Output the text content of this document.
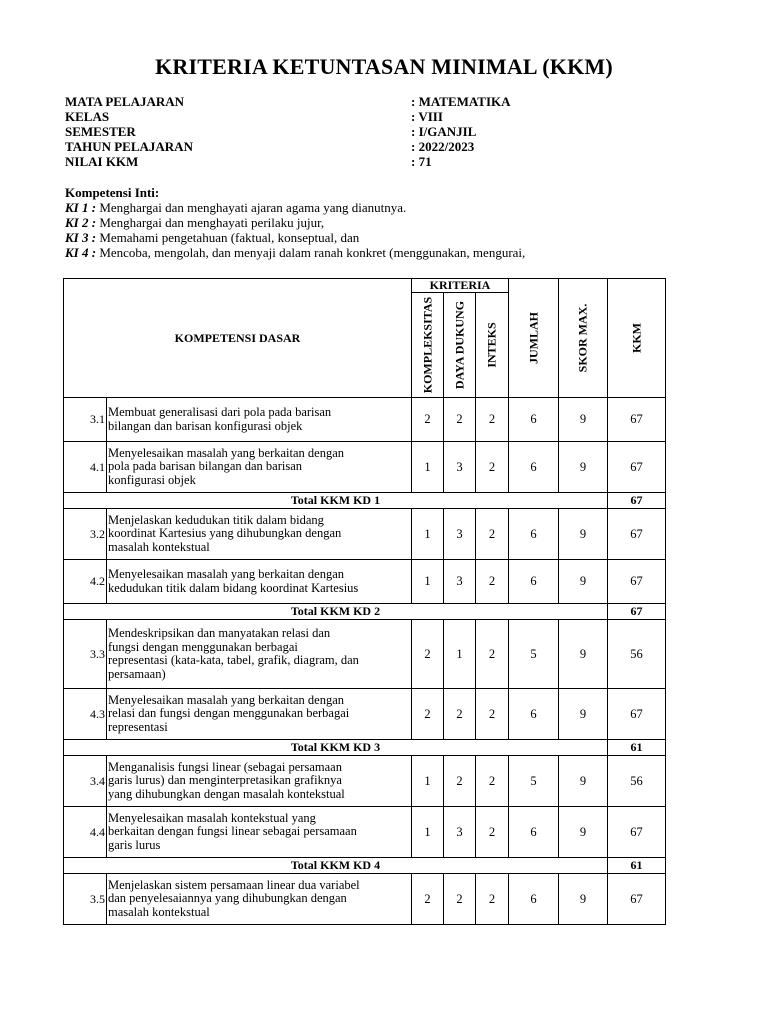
KRITERIA KETUNTASAN MINIMAL (KKM)
MATA PELAJARAN	: MATEMATIKA
KELAS	: VIII
SEMESTER	: I/GANJIL
TAHUN PELAJARAN	: 2022/2023
NILAI KKM	: 71
Kompetensi Inti:
KI 1 : Menghargai dan menghayati ajaran agama yang dianutnya.
KI 2 : Menghargai dan menghayati perilaku jujur,
KI 3 : Memahami pengetahuan (faktual, konseptual, dan
KI 4 : Mencoba, mengolah, dan menyaji dalam ranah konkret (menggunakan, mengurai,
KOMPETENSI DASAR		KRITERIA			JUMLAH	SKOR MAX.	KKM

		KOMPLEKSITAS	DAYA DUKUNG	INTEKS			

3.1	Membuat generalisasi dari pola pada barisan
bilangan dan barisan konfigurasi objek	2	2	2	6	9	67
4.1	Menyelesaikan masalah yang berkaitan dengan
pola pada barisan bilangan dan barisan
konfigurasi objek	1	3	2	6	9	67
Total KKM KD 1							67
3.2	Menjelaskan kedudukan titik dalam bidang
koordinat Kartesius yang dihubungkan dengan
masalah kontekstual	1	3	2	6	9	67
4.2	Menyelesaikan masalah yang berkaitan dengan
kedudukan titik dalam bidang koordinat Kartesius	1	3	2	6	9	67
Total KKM KD 2							67
3.3	Mendeskripsikan dan manyatakan relasi dan
fungsi dengan menggunakan berbagai
representasi (kata-kata, tabel, grafik, diagram, dan
persamaan)	2	1	2	5	9	56
4.3	Menyelesaikan masalah yang berkaitan dengan
relasi dan fungsi dengan menggunakan berbagai
representasi	2	2	2	6	9	67
Total KKM KD 3							61
3.4	Menganalisis fungsi linear (sebagai persamaan
garis lurus) dan menginterpretasikan grafiknya
yang dihubungkan dengan masalah kontekstual	1	2	2	5	9	56
4.4	Menyelesaikan masalah kontekstual yang
berkaitan dengan fungsi linear sebagai persamaan
garis lurus	1	3	2	6	9	67
Total KKM KD 4							61
3.5	Menjelaskan sistem persamaan linear dua variabel
dan penyelesaiannya yang dihubungkan dengan
masalah kontekstual	2	2	2	6	9	67
